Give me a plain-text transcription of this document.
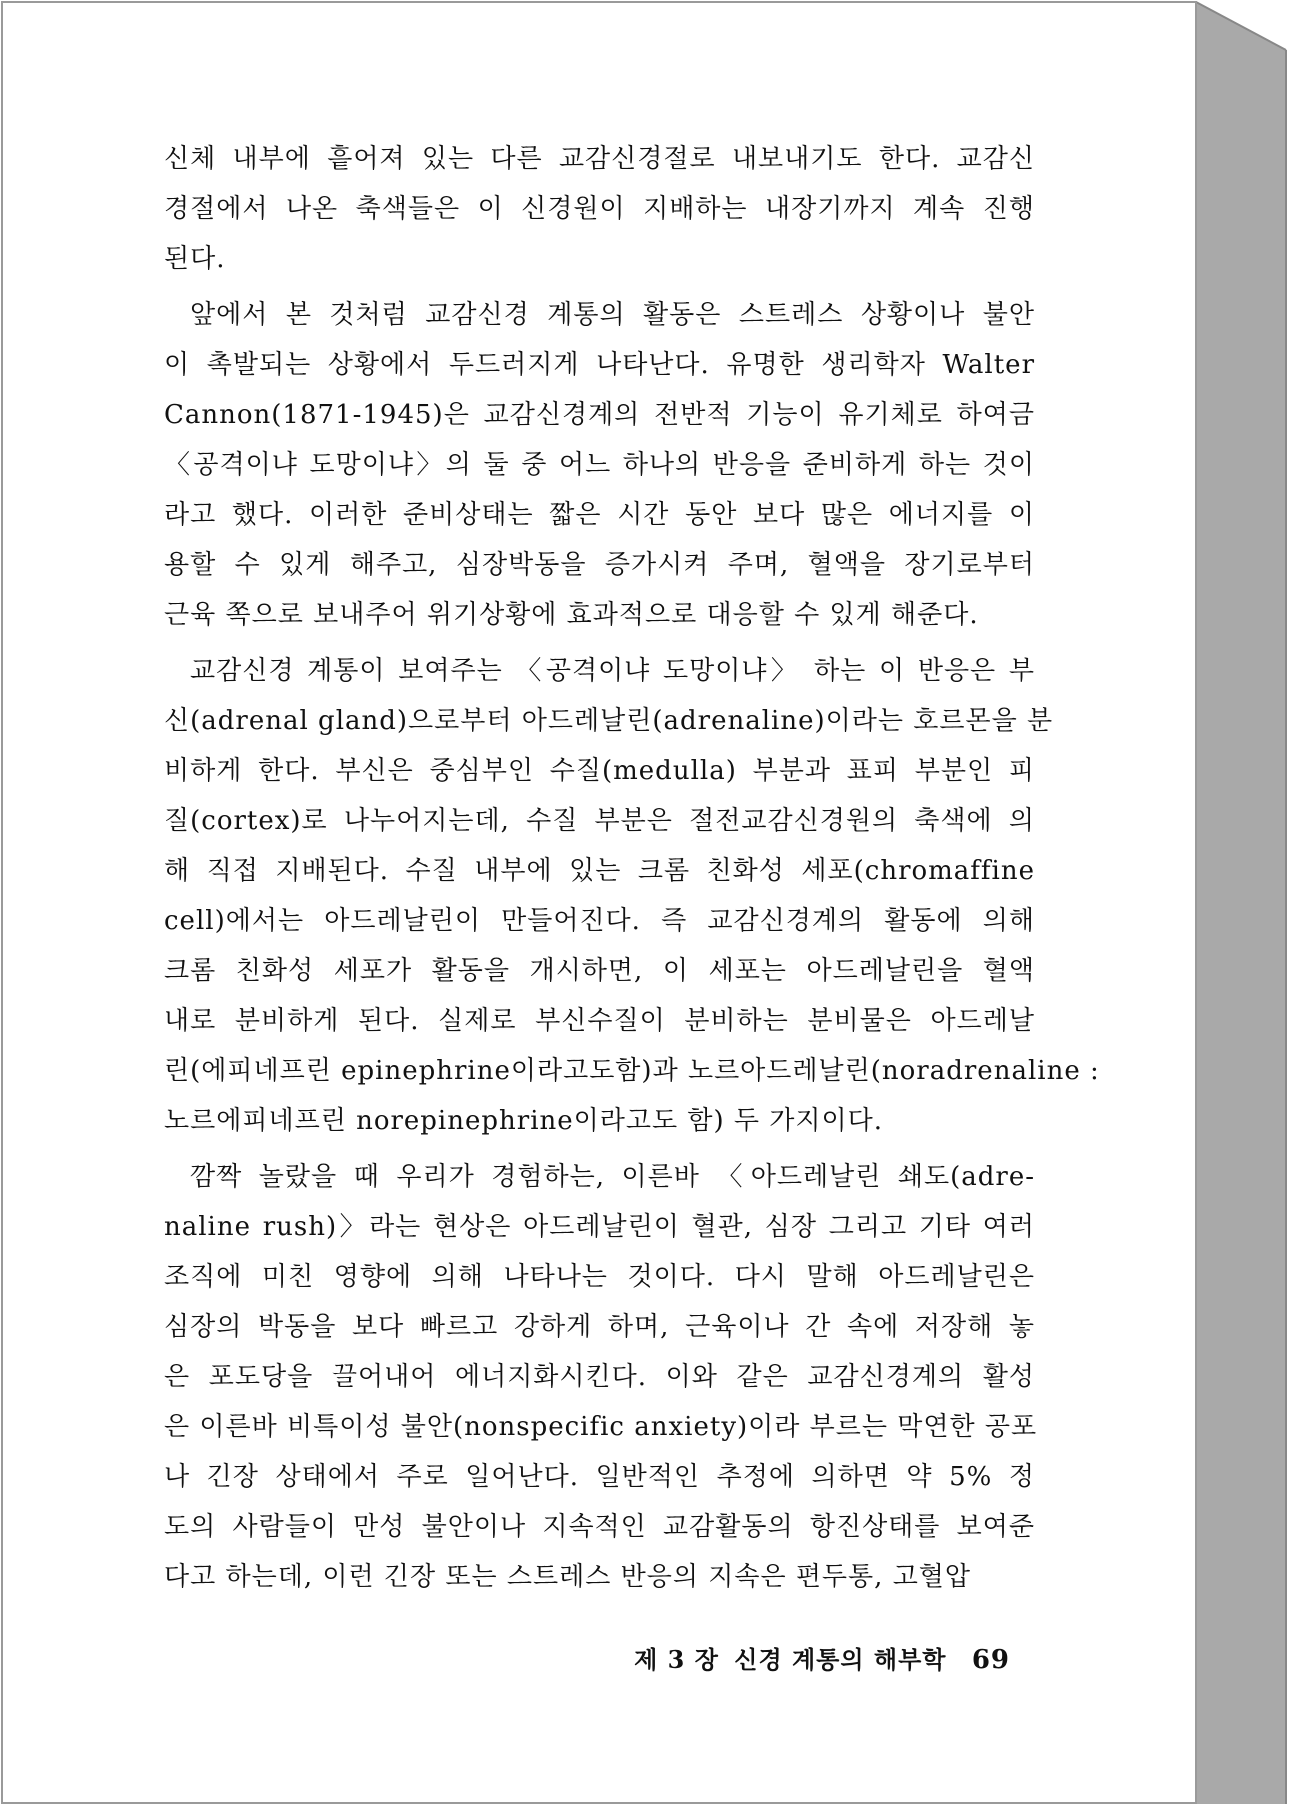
신체 내부에 흩어져 있는 다른 교감신경절로 내보내기도 한다. 교감신
경절에서 나온 축색들은 이 신경원이 지배하는 내장기까지 계속 진행
된다.
앞에서 본 것처럼 교감신경 계통의 활동은 스트레스 상황이나 불안
이 촉발되는 상황에서 두드러지게 나타난다. 유명한 생리학자 Walter
Cannon(1871-1945)은 교감신경계의 전반적 기능이 유기체로 하여금
〈공격이냐 도망이냐〉의 둘 중 어느 하나의 반응을 준비하게 하는 것이
라고 했다. 이러한 준비상태는 짧은 시간 동안 보다 많은 에너지를 이
용할 수 있게 해주고, 심장박동을 증가시켜 주며, 혈액을 장기로부터
근육 쪽으로 보내주어 위기상황에 효과적으로 대응할 수 있게 해준다.
교감신경 계통이 보여주는 〈공격이냐 도망이냐〉 하는 이 반응은 부
신(adrenal gland)으로부터 아드레날린(adrenaline)이라는 호르몬을 분
비하게 한다. 부신은 중심부인 수질(medulla) 부분과 표피 부분인 피
질(cortex)로 나누어지는데, 수질 부분은 절전교감신경원의 축색에 의
해 직접 지배된다. 수질 내부에 있는 크롬 친화성 세포(chromaffine
cell)에서는 아드레날린이 만들어진다. 즉 교감신경계의 활동에 의해
크롬 친화성 세포가 활동을 개시하면, 이 세포는 아드레날린을 혈액
내로 분비하게 된다. 실제로 부신수질이 분비하는 분비물은 아드레날
린(에피네프린 epinephrine이라고도함)과 노르아드레날린(noradrenaline :
노르에피네프린 norepinephrine이라고도 함) 두 가지이다.
깜짝 놀랐을 때 우리가 경험하는, 이른바 〈아드레날린 쇄도(adre-
naline rush)〉라는 현상은 아드레날린이 혈관, 심장 그리고 기타 여러
조직에 미친 영향에 의해 나타나는 것이다. 다시 말해 아드레날린은
심장의 박동을 보다 빠르고 강하게 하며, 근육이나 간 속에 저장해 놓
은 포도당을 끌어내어 에너지화시킨다. 이와 같은 교감신경계의 활성
은 이른바 비특이성 불안(nonspecific anxiety)이라 부르는 막연한 공포
나 긴장 상태에서 주로 일어난다. 일반적인 추정에 의하면 약 5% 정
도의 사람들이 만성 불안이나 지속적인 교감활동의 항진상태를 보여준
다고 하는데, 이런 긴장 또는 스트레스 반응의 지속은 편두통, 고혈압
제 3 장 신경 계통의 해부학 69
